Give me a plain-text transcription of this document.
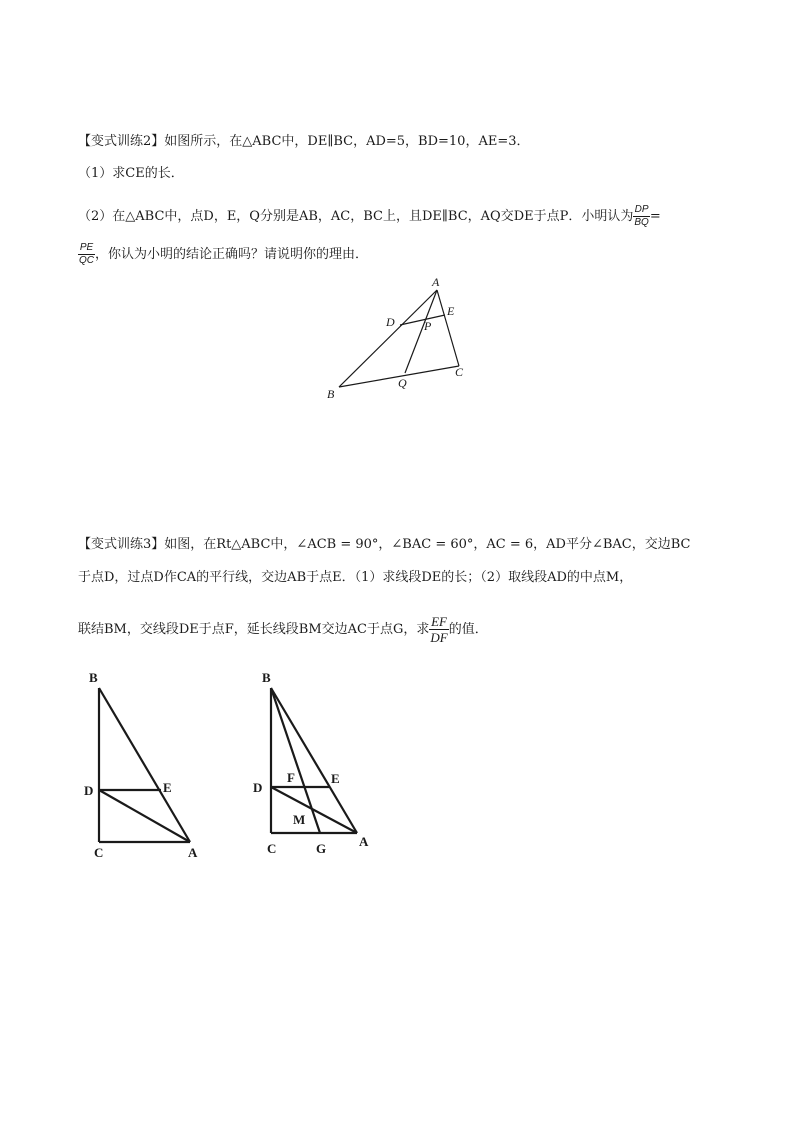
【变式训练2】如图所示，在△ABC中，DE∥BC，AD=5，BD=10，AE=3．
（1）求CE的长．
（2）在△ABC中，点D，E，Q分别是AB，AC，BC上，且DE∥BC，AQ交DE于点P．小明认为 $\frac{DP}{BQ}$ =
$\frac{PE}{QC}$ ，你认为小明的结论正确吗？请说明你的理由．
【变式训练3】如图，在Rt△ABC中，∠ACB = 90°，∠BAC = 60°，AC = 6，AD平分∠BAC，交边BC
于点D，过点D作CA的平行线，交边AB于点E．（1）求线段DE的长；（2）取线段AD的中点M，
联结BM，交线段DE于点F，延长线段BM交边AC于点G，求 $\frac{EF}{DF}$ 的值．
A
B
C
D
E
P
Q
B
D	E
C	A
B
D
F	E
M
C	G	A
